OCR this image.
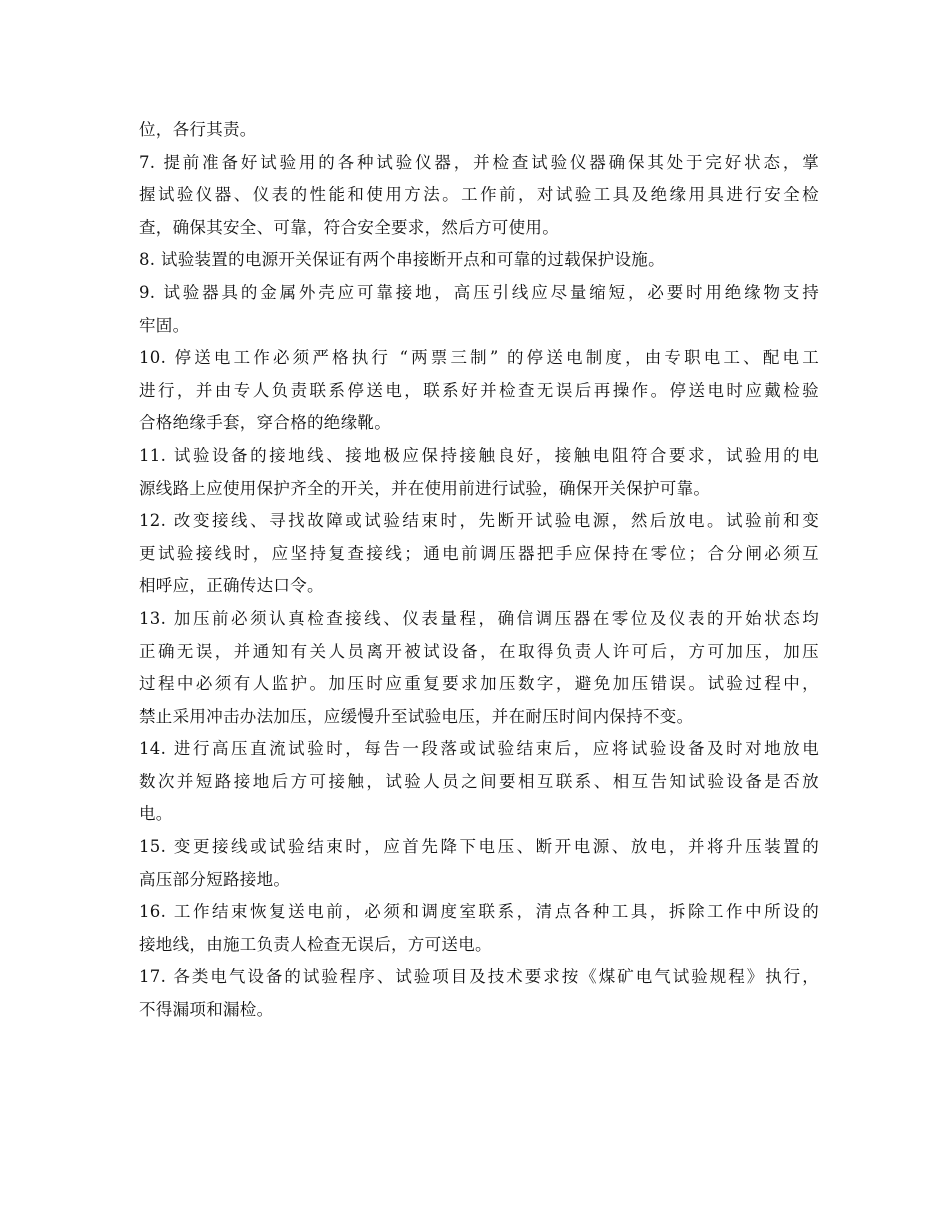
位，各行其责。
7. 提前准备好试验用的各种试验仪器，并检查试验仪器确保其处于完好状态，掌
握试验仪器、仪表的性能和使用方法。工作前，对试验工具及绝缘用具进行安全检
查，确保其安全、可靠，符合安全要求，然后方可使用。
8. 试验装置的电源开关保证有两个串接断开点和可靠的过载保护设施。
9. 试验器具的金属外壳应可靠接地，高压引线应尽量缩短，必要时用绝缘物支持
牢固。
10. 停送电工作必须严格执行 “两票三制” 的停送电制度，由专职电工、配电工
进行，并由专人负责联系停送电，联系好并检查无误后再操作。停送电时应戴检验
合格绝缘手套，穿合格的绝缘靴。
11. 试验设备的接地线、接地极应保持接触良好，接触电阻符合要求，试验用的电
源线路上应使用保护齐全的开关，并在使用前进行试验，确保开关保护可靠。
12. 改变接线、寻找故障或试验结束时，先断开试验电源，然后放电。试验前和变
更试验接线时，应坚持复查接线；通电前调压器把手应保持在零位；合分闸必须互
相呼应，正确传达口令。
13. 加压前必须认真检查接线、仪表量程，确信调压器在零位及仪表的开始状态均
正确无误，并通知有关人员离开被试设备，在取得负责人许可后，方可加压，加压
过程中必须有人监护。加压时应重复要求加压数字，避免加压错误。试验过程中，
禁止采用冲击办法加压，应缓慢升至试验电压，并在耐压时间内保持不变。
14. 进行高压直流试验时，每告一段落或试验结束后，应将试验设备及时对地放电
数次并短路接地后方可接触，试验人员之间要相互联系、相互告知试验设备是否放
电。
15. 变更接线或试验结束时，应首先降下电压、断开电源、放电，并将升压装置的
高压部分短路接地。
16. 工作结束恢复送电前，必须和调度室联系，清点各种工具，拆除工作中所设的
接地线，由施工负责人检查无误后，方可送电。
17. 各类电气设备的试验程序、试验项目及技术要求按《煤矿电气试验规程》执行，
不得漏项和漏检。
